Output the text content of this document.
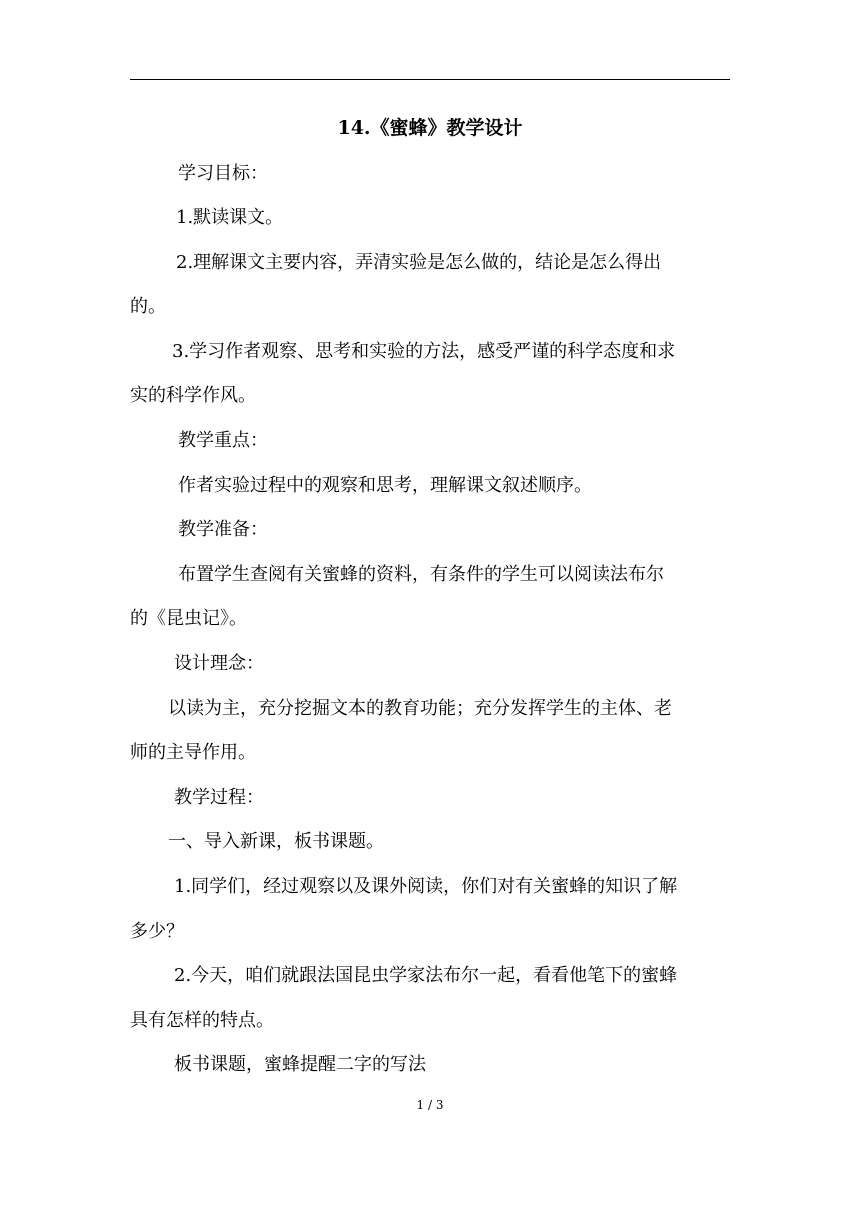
14.《蜜蜂》教学设计
学习目标：
1.默读课文。
2.理解课文主要内容，弄清实验是怎么做的，结论是怎么得出
的。
3.学习作者观察、思考和实验的方法，感受严谨的科学态度和求
实的科学作风。
教学重点：
作者实验过程中的观察和思考，理解课文叙述顺序。
教学准备：
布置学生查阅有关蜜蜂的资料，有条件的学生可以阅读法布尔
的《昆虫记》。
设计理念：
以读为主，充分挖掘文本的教育功能；充分发挥学生的主体、老
师的主导作用。
教学过程：
一、导入新课，板书课题。
1.同学们，经过观察以及课外阅读，你们对有关蜜蜂的知识了解
多少？
2.今天，咱们就跟法国昆虫学家法布尔一起，看看他笔下的蜜蜂
具有怎样的特点。
板书课题，蜜蜂提醒二字的写法
1 / 3
